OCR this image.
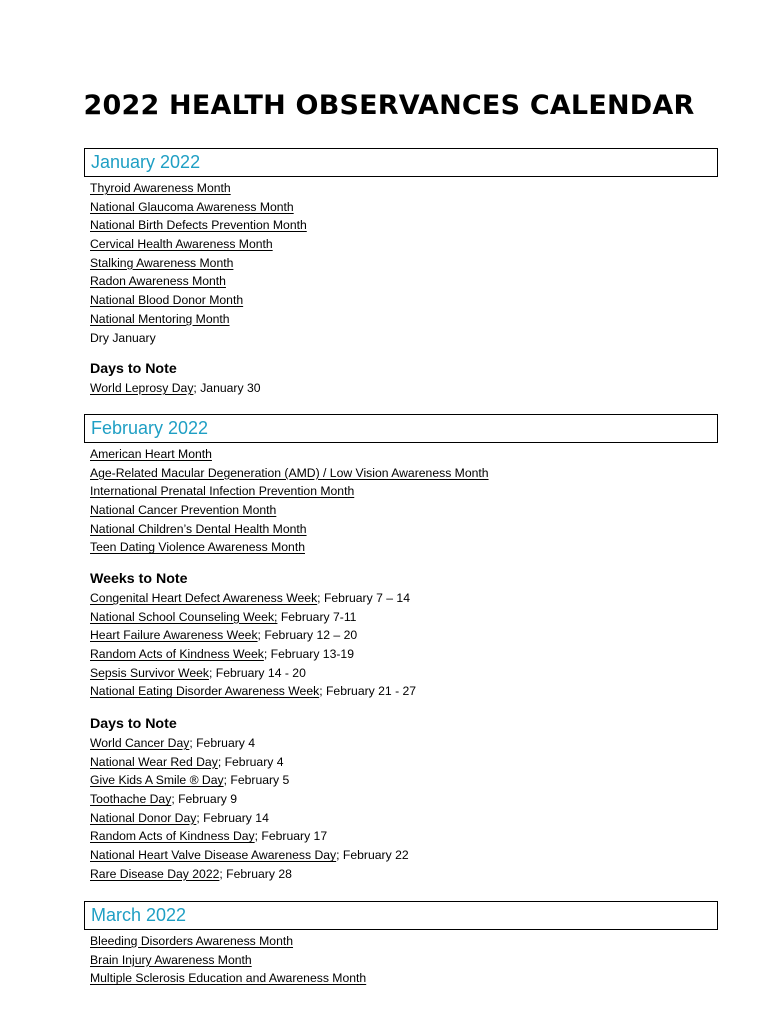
2022 HEALTH OBSERVANCES CALENDAR
January 2022
Thyroid Awareness Month
National Glaucoma Awareness Month
National Birth Defects Prevention Month
Cervical Health Awareness Month
Stalking Awareness Month
Radon Awareness Month
National Blood Donor Month
National Mentoring Month
Dry January
Days to Note
World Leprosy Day; January 30
February 2022
American Heart Month
Age-Related Macular Degeneration (AMD) / Low Vision Awareness Month
International Prenatal Infection Prevention Month
National Cancer Prevention Month
National Children’s Dental Health Month
Teen Dating Violence Awareness Month
Weeks to Note
Congenital Heart Defect Awareness Week; February 7 – 14
National School Counseling Week; February 7-11
Heart Failure Awareness Week; February 12 – 20
Random Acts of Kindness Week; February 13-19
Sepsis Survivor Week; February 14 - 20
National Eating Disorder Awareness Week; February 21 - 27
Days to Note
World Cancer Day; February 4
National Wear Red Day; February 4
Give Kids A Smile ® Day; February 5
Toothache Day; February 9
National Donor Day; February 14
Random Acts of Kindness Day; February 17
National Heart Valve Disease Awareness Day; February 22
Rare Disease Day 2022; February 28
March 2022
Bleeding Disorders Awareness Month
Brain Injury Awareness Month
Multiple Sclerosis Education and Awareness Month
